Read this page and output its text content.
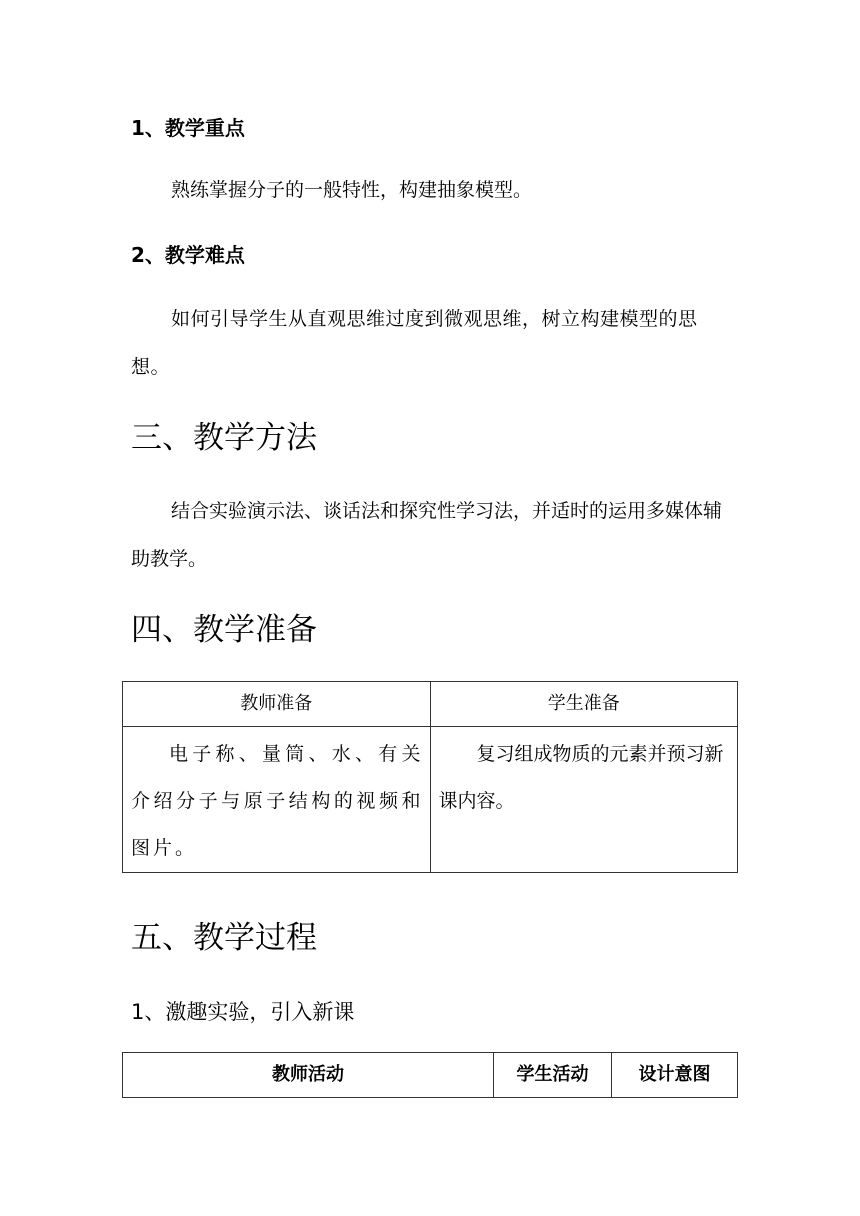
1、教学重点
熟练掌握分子的一般特性，构建抽象模型。
2、教学难点
如何引导学生从直观思维过度到微观思维，树立构建模型的思想。
三、教学方法
结合实验演示法、谈话法和探究性学习法，并适时的运用多媒体辅助教学。
四、教学准备
教师准备	学生准备

电子称、量筒、水、有关介绍分子与原子结构的视频和图片。	复习组成物质的元素并预习新课内容。
五、教学过程
1、激趣实验，引入新课
教师活动	学生活动	设计意图
